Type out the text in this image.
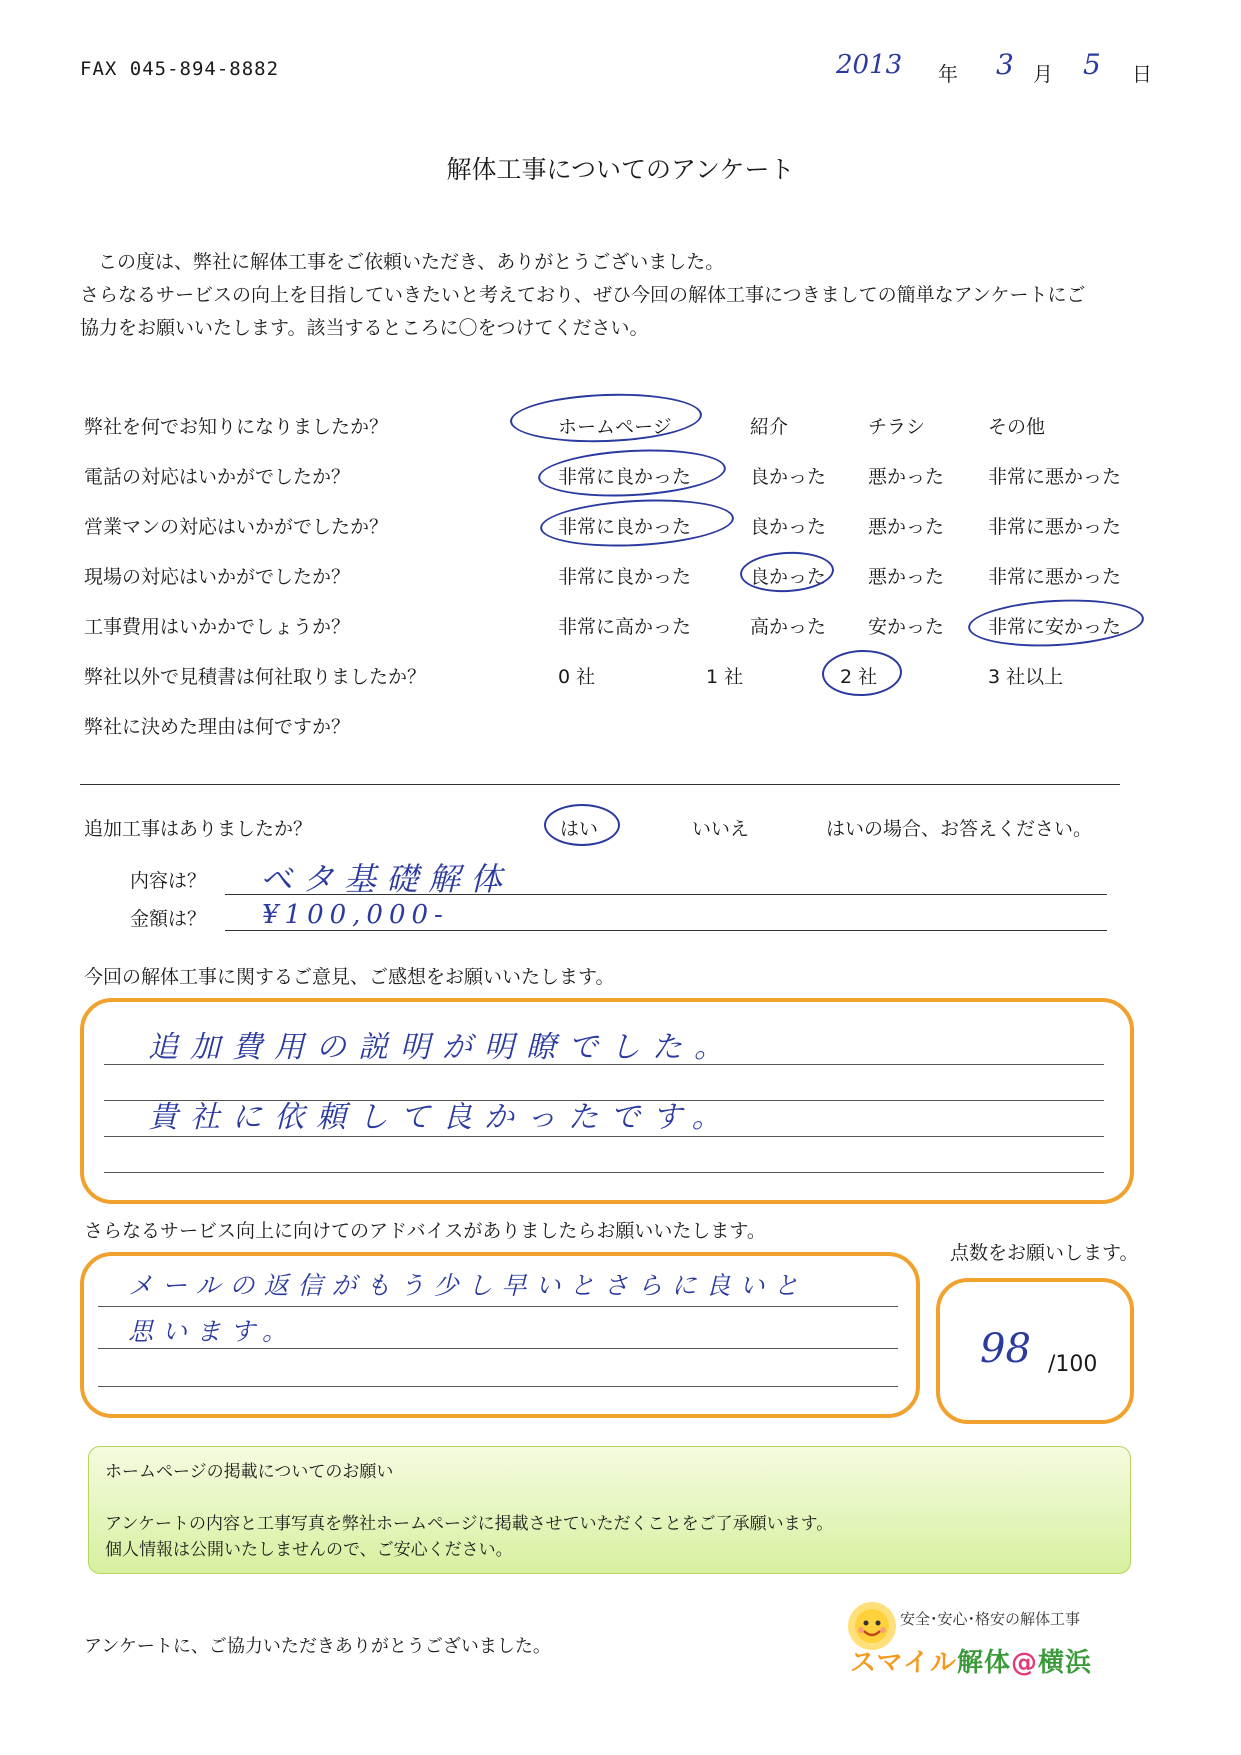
FAX 045-894-8882	2013 年 3 月 5 日
解体工事についてのアンケート
この度は、弊社に解体工事をご依頼いただき、ありがとうございました。
さらなるサービスの向上を目指していきたいと考えており、ぜひ今回の解体工事につきましての簡単なアンケートにご
協力をお願いいたします。該当するところに〇をつけてください。
弊社を何でお知りになりましたか？	ホームページ	紹介	チラシ	その他
電話の対応はいかがでしたか？	非常に良かった	良かった 悪かった 非常に悪かった
営業マンの対応はいかがでしたか？	非常に良かった	良かった 悪かった 非常に悪かった
現場の対応はいかがでしたか？	非常に良かった	良かった 悪かった 非常に悪かった
工事費用はいかかでしょうか？	非常に高かった	高かった 安かった 非常に安かった
弊社以外で見積書は何社取りましたか？	0 社	1 社	2 社	3 社以上
弊社に決めた理由は何ですか？
追加工事はありましたか？	はい	いいえ	はいの場合、お答えください。
内容は？ ベタ基礎解体
金額は？ ¥100,000-
今回の解体工事に関するご意見、ご感想をお願いいたします。
追加費用の説明が明瞭でした。
貴社に依頼して良かったです。
さらなるサービス向上に向けてのアドバイスがありましたらお願いいたします。
メールの返信がもう少し早いとさらに良いと
思います。
点数をお願いします。
98 /100
ホームページの掲載についてのお願い
アンケートの内容と工事写真を弊社ホームページに掲載させていただくことをご了承願います。
個人情報は公開いたしませんので、ご安心ください。
安全･安心･格安の解体工事
スマイル解体@横浜
アンケートに、ご協力いただきありがとうございました。
